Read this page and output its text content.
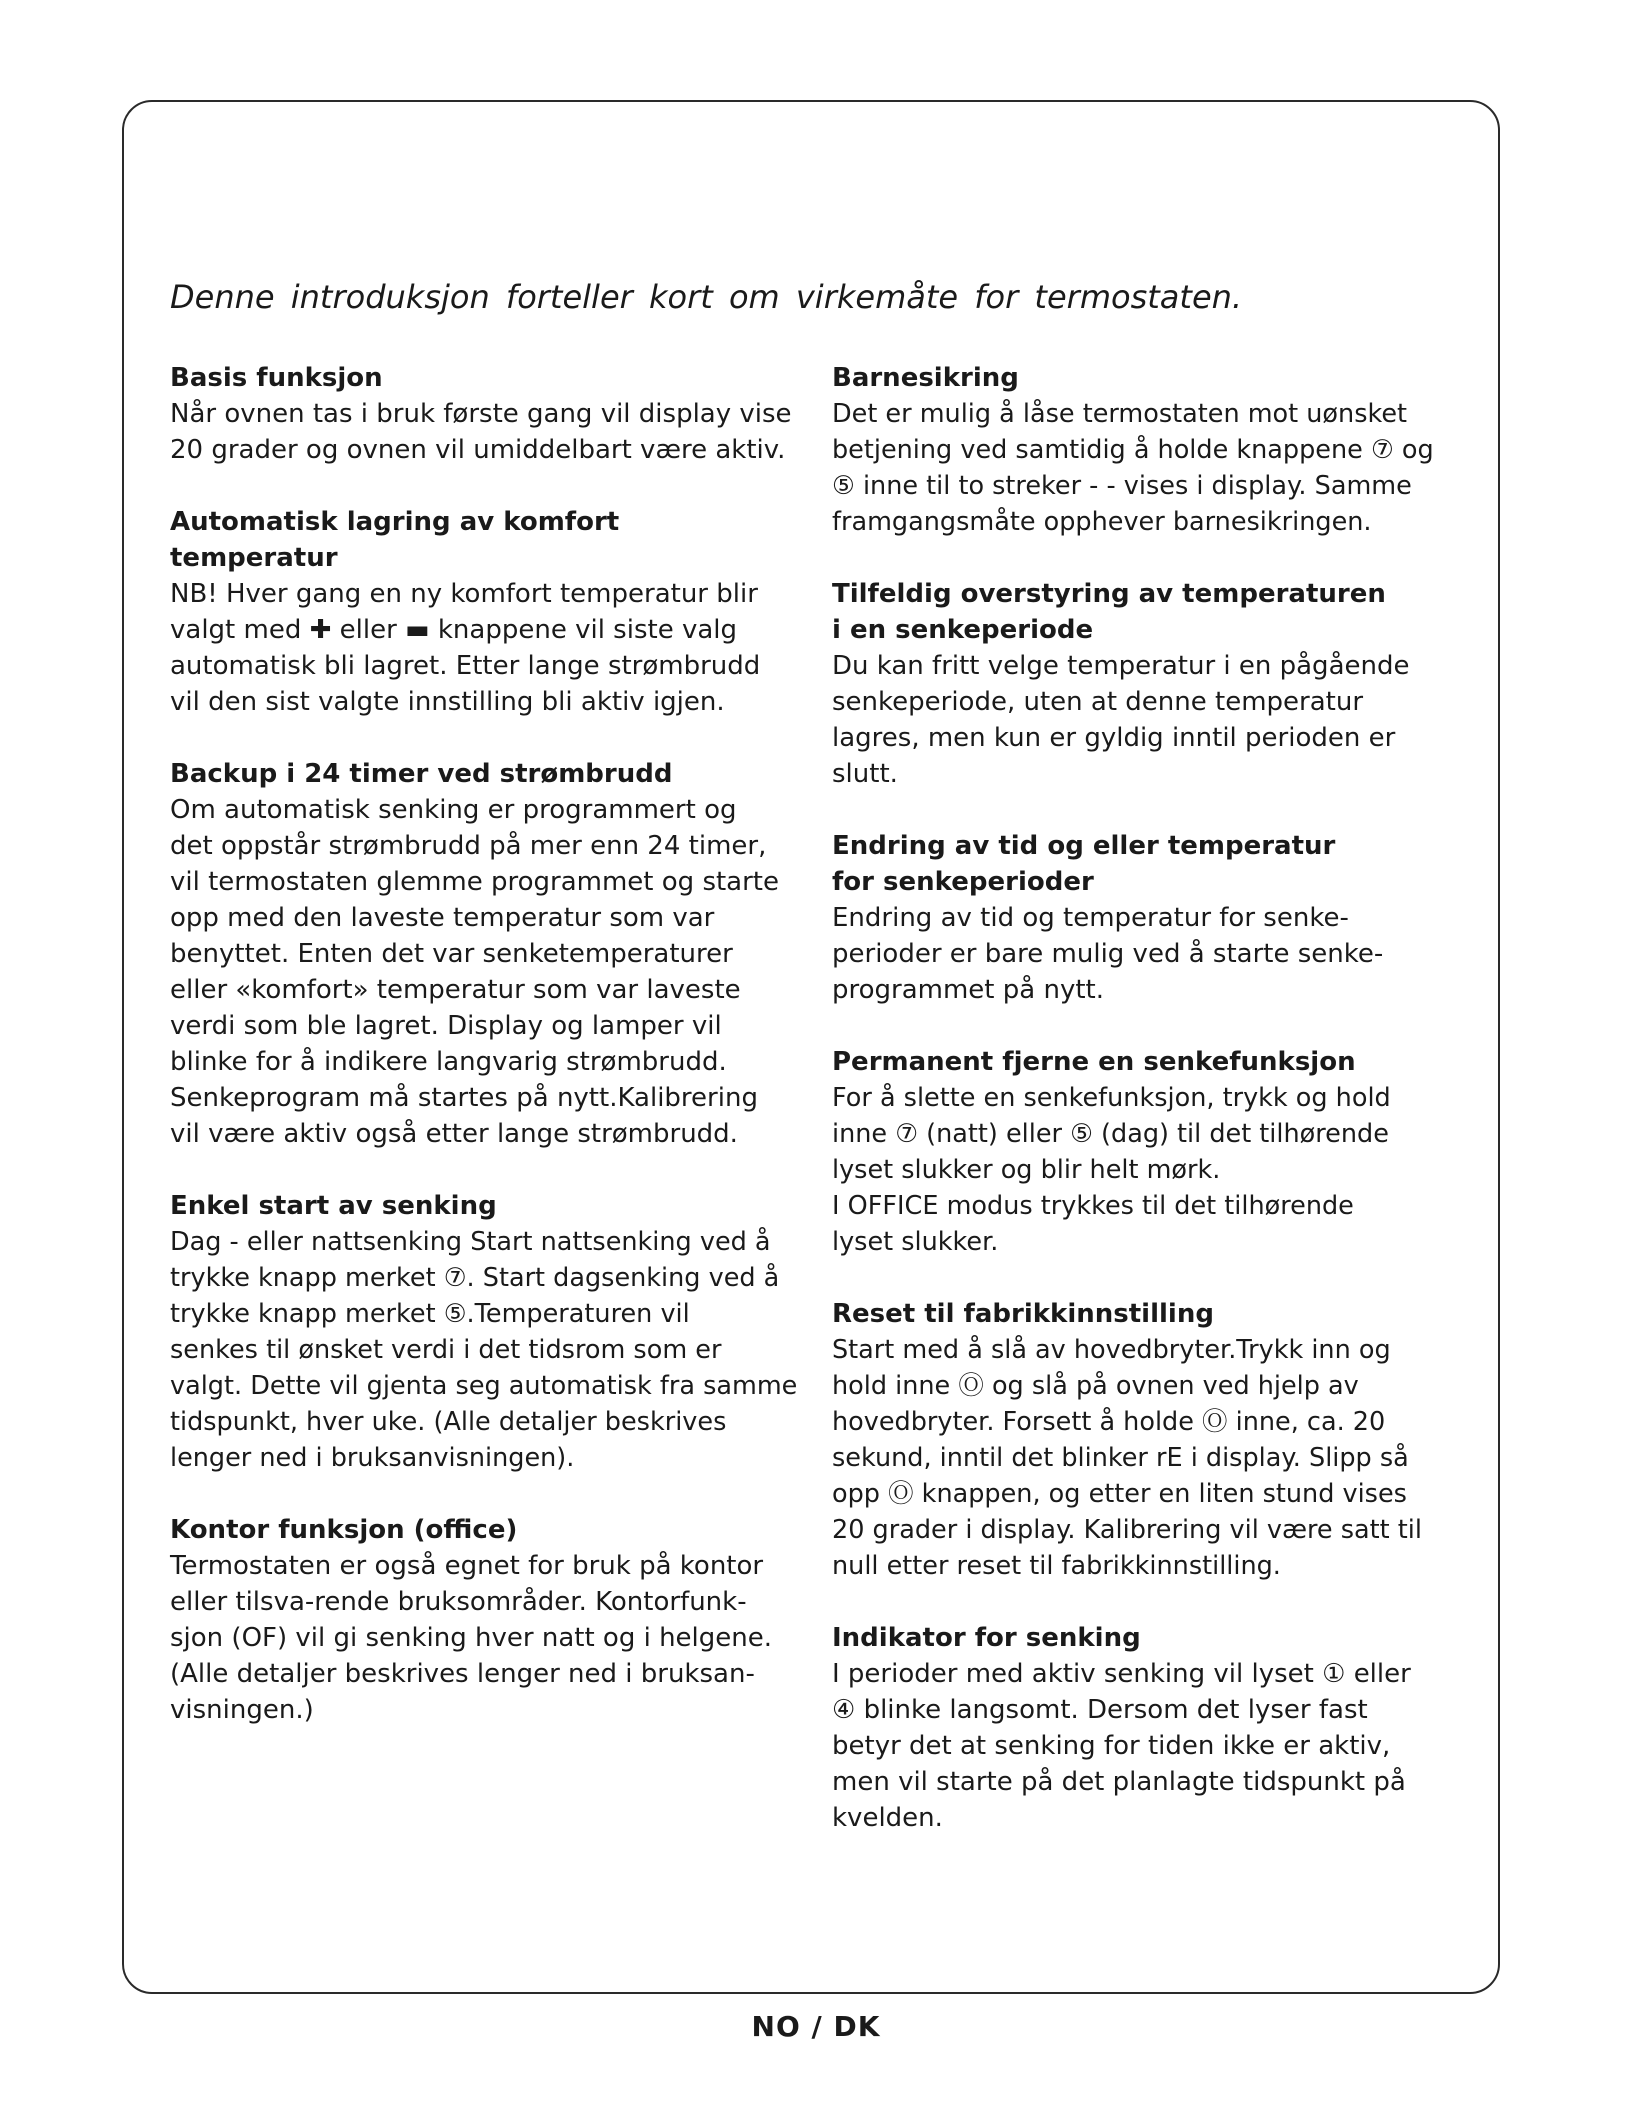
Denne introduksjon forteller kort om virkemåte for termostaten.
Basis funksjon

Når ovnen tas i bruk første gang vil display vise
20 grader og ovnen vil umiddelbart være aktiv.

Automatisk lagring av komfort
temperatur

NB! Hver gang en ny komfort temperatur blir
valgt med ✚ eller ▬ knappene vil siste valg
automatisk bli lagret. Etter lange strømbrudd
vil den sist valgte innstilling bli aktiv igjen.

Backup i 24 timer ved strømbrudd

Om automatisk senking er programmert og
det oppstår strømbrudd på mer enn 24 timer,
vil termostaten glemme programmet og starte
opp med den laveste temperatur som var
benyttet. Enten det var senketemperaturer
eller «komfort» temperatur som var laveste
verdi som ble lagret. Display og lamper vil
blinke for å indikere langvarig strømbrudd.
Senkeprogram må startes på nytt.Kalibrering
vil være aktiv også etter lange strømbrudd.

Enkel start av senking

Dag - eller nattsenking Start nattsenking ved å
trykke knapp merket ⑦. Start dagsenking ved å
trykke knapp merket ⑤.Temperaturen vil
senkes til ønsket verdi i det tidsrom som er
valgt. Dette vil gjenta seg automatisk fra samme
tidspunkt, hver uke. (Alle detaljer beskrives
lenger ned i bruksanvisningen).

Kontor funksjon (office)

Termostaten er også egnet for bruk på kontor
eller tilsva-rende bruksområder. Kontorfunk-
sjon (OF) vil gi senking hver natt og i helgene.
(Alle detaljer beskrives lenger ned i bruksan-
visningen.)

Barnesikring

Det er mulig å låse termostaten mot uønsket
betjening ved samtidig å holde knappene ⑦ og
⑤ inne til to streker - - vises i display. Samme
framgangsmåte opphever barnesikringen.

Tilfeldig overstyring av temperaturen
i en senkeperiode

Du kan fritt velge temperatur i en pågående
senkeperiode, uten at denne temperatur
lagres, men kun er gyldig inntil perioden er
slutt.

Endring av tid og eller temperatur
for senkeperioder

Endring av tid og temperatur for senke-
perioder er bare mulig ved å starte senke-
programmet på nytt.

Permanent fjerne en senkefunksjon

For å slette en senkefunksjon, trykk og hold
inne ⑦ (natt) eller ⑤ (dag) til det tilhørende
lyset slukker og blir helt mørk.
I OFFICE modus trykkes til det tilhørende
lyset slukker.

Reset til fabrikkinnstilling

Start med å slå av hovedbryter.Trykk inn og
hold inne Ⓞ og slå på ovnen ved hjelp av
hovedbryter. Forsett å holde Ⓞ inne, ca. 20
sekund, inntil det blinker rE i display. Slipp så
opp Ⓞ knappen, og etter en liten stund vises
20 grader i display. Kalibrering vil være satt til
null etter reset til fabrikkinnstilling.

Indikator for senking

I perioder med aktiv senking vil lyset ① eller
④ blinke langsomt. Dersom det lyser fast
betyr det at senking for tiden ikke er aktiv,
men vil starte på det planlagte tidspunkt på
kvelden.

NO / DK
